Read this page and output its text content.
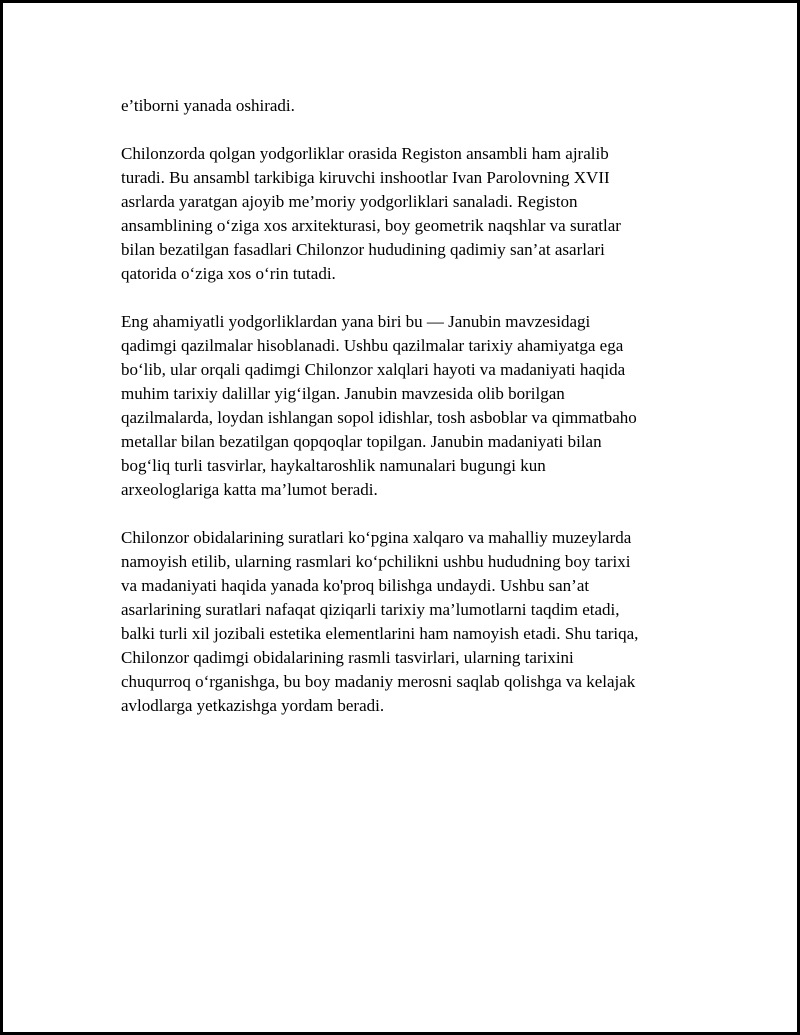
e’tiborni yanada oshiradi.

Chilonzorda qolgan yodgorliklar orasida Registon ansambli ham ajralib
turadi. Bu ansambl tarkibiga kiruvchi inshootlar Ivan Parolovning XVII
asrlarda yaratgan ajoyib me’moriy yodgorliklari sanaladi. Registon
ansamblining o‘ziga xos arxitekturasi, boy geometrik naqshlar va suratlar
bilan bezatilgan fasadlari Chilonzor hududining qadimiy san’at asarlari
qatorida o‘ziga xos o‘rin tutadi.

Eng ahamiyatli yodgorliklardan yana biri bu — Janubin mavzesidagi
qadimgi qazilmalar hisoblanadi. Ushbu qazilmalar tarixiy ahamiyatga ega
bo‘lib, ular orqali qadimgi Chilonzor xalqlari hayoti va madaniyati haqida
muhim tarixiy dalillar yig‘ilgan. Janubin mavzesida olib borilgan
qazilmalarda, loydan ishlangan sopol idishlar, tosh asboblar va qimmatbaho
metallar bilan bezatilgan qopqoqlar topilgan. Janubin madaniyati bilan
bog‘liq turli tasvirlar, haykaltaroshlik namunalari bugungi kun
arxeologlariga katta ma’lumot beradi.

Chilonzor obidalarining suratlari ko‘pgina xalqaro va mahalliy muzeylarda
namoyish etilib, ularning rasmlari ko‘pchilikni ushbu hududning boy tarixi
va madaniyati haqida yanada ko'proq bilishga undaydi. Ushbu san’at
asarlarining suratlari nafaqat qiziqarli tarixiy ma’lumotlarni taqdim etadi,
balki turli xil jozibali estetika elementlarini ham namoyish etadi. Shu tariqa,
Chilonzor qadimgi obidalarining rasmli tasvirlari, ularning tarixini
chuqurroq o‘rganishga, bu boy madaniy merosni saqlab qolishga va kelajak
avlodlarga yetkazishga yordam beradi.
